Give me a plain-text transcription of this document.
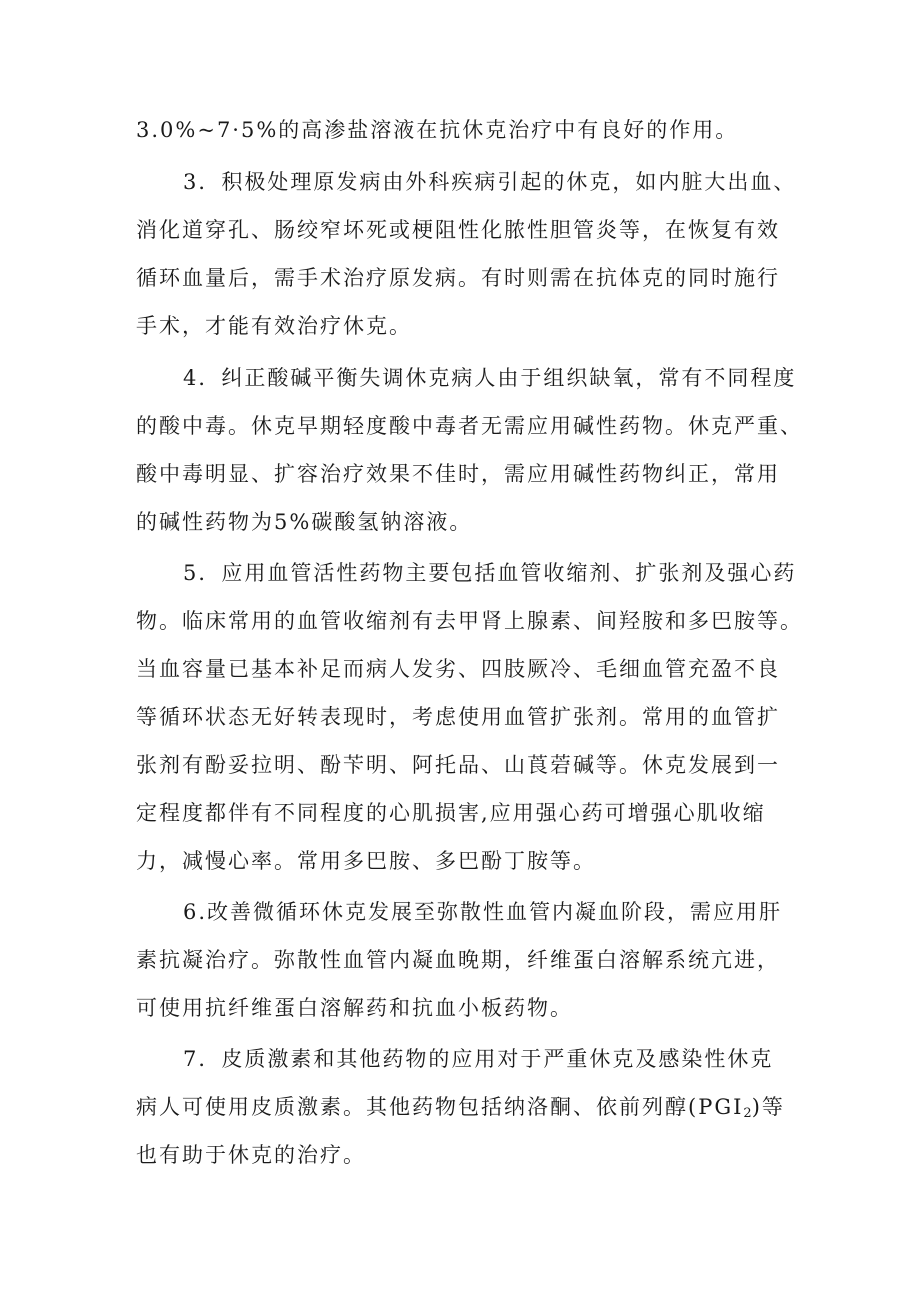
3.0%~7·5%的高渗盐溶液在抗休克治疗中有良好的作用。
3．积极处理原发病由外科疾病引起的休克，如内脏大出血、
消化道穿孔、肠绞窄坏死或梗阻性化脓性胆管炎等，在恢复有效
循环血量后，需手术治疗原发病。有时则需在抗体克的同时施行
手术，才能有效治疗休克。
4．纠正酸碱平衡失调休克病人由于组织缺氧，常有不同程度
的酸中毒。休克早期轻度酸中毒者无需应用碱性药物。休克严重、
酸中毒明显、扩容治疗效果不佳时，需应用碱性药物纠正，常用
的碱性药物为5%碳酸氢钠溶液。
5．应用血管活性药物主要包括血管收缩剂、扩张剂及强心药
物。临床常用的血管收缩剂有去甲肾上腺素、间羟胺和多巴胺等。
当血容量已基本补足而病人发劣、四肢厥冷、毛细血管充盈不良
等循环状态无好转表现时，考虑使用血管扩张剂。常用的血管扩
张剂有酚妥拉明、酚苄明、阿托品、山莨菪碱等。休克发展到一
定程度都伴有不同程度的心肌损害,应用强心药可增强心肌收缩
力，减慢心率。常用多巴胺、多巴酚丁胺等。
6.改善微循环休克发展至弥散性血管内凝血阶段，需应用肝
素抗凝治疗。弥散性血管内凝血晚期，纤维蛋白溶解系统亢进，
可使用抗纤维蛋白溶解药和抗血小板药物。
7．皮质激素和其他药物的应用对于严重休克及感染性休克
病人可使用皮质激素。其他药物包括纳洛酮、依前列醇$(PGI_2)$等
也有助于休克的治疗。
